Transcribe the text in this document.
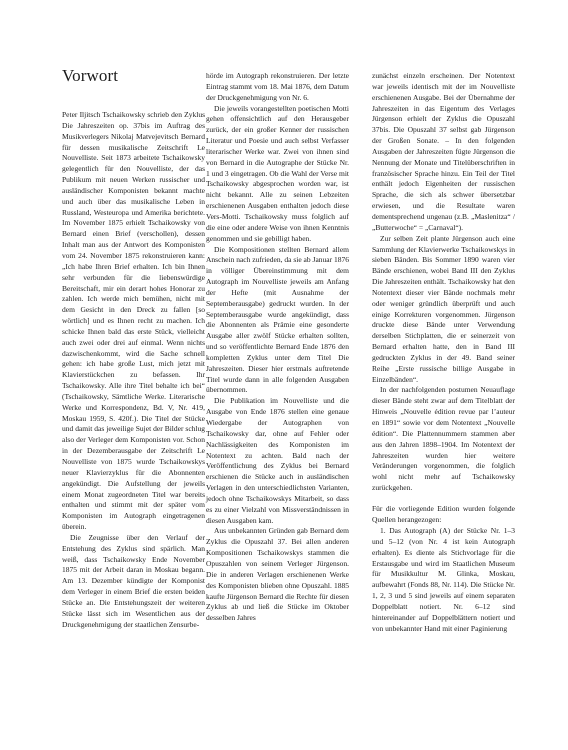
Vorwort

Peter Iljitsch Tschaikowsky schrieb den Zyklus Die Jahreszeiten op. 37bis im Auftrag des Musikverlegers Nikolaj Matvejevitsch Bernard für dessen musikalische Zeitschrift Le Nouvelliste. Seit 1873 arbeitete Tschaikowsky gelegentlich für den Nouvelliste, der das Publikum mit neuen Werken russischer und ausländischer Komponisten bekannt machte und auch über das musikalische Leben in Russland, Westeuropa und Amerika berichtete. Im November 1875 erhielt Tschaikowsky von Bernard einen Brief (verschollen), dessen Inhalt man aus der Antwort des Komponisten vom 24. November 1875 rekonstruieren kann: „Ich habe Ihren Brief erhalten. Ich bin Ihnen sehr verbunden für die liebenswürdige Bereitschaft, mir ein derart hohes Honorar zu zahlen. Ich werde mich bemühen, nicht mit dem Gesicht in den Dreck zu fallen [so wörtlich] und es Ihnen recht zu machen. Ich schicke Ihnen bald das erste Stück, vielleicht auch zwei oder drei auf einmal. Wenn nichts dazwischenkommt, wird die Sache schnell gehen: ich habe große Lust, mich jetzt mit Klavierstückchen zu befassen. Ihr Tschaikowsky. Alle ihre Titel behalte ich bei“ (Tschaikowsky, Sämtliche Werke. Literarische Werke und Korrespondenz, Bd. V, Nr. 419, Moskau 1959, S. 420f.). Die Titel der Stücke und damit das jeweilige Sujet der Bilder schlug also der Verleger dem Komponisten vor. Schon in der Dezemberausgabe der Zeitschrift Le Nouvelliste von 1875 wurde Tschaikowskys neuer Klavierzyklus für die Abonnenten angekündigt. Die Aufstellung der jeweils einem Monat zugeordneten Titel war bereits enthalten und stimmt mit der später vom Komponisten im Autograph eingetragenen überein.

Die Zeugnisse über den Verlauf der Entstehung des Zyklus sind spärlich. Man weiß, dass Tschaikowsky Ende November 1875 mit der Arbeit daran in Moskau begann. Am 13. Dezember kündigte der Komponist dem Verleger in einem Brief die ersten beiden Stücke an. Die Entstehungszeit der weiteren Stücke lässt sich im Wesentlichen aus der Druckgenehmigung der staatlichen Zensurbe-

hörde im Autograph rekonstruieren. Der letzte Eintrag stammt vom 18. Mai 1876, dem Datum der Druckgenehmigung von Nr. 6.

Die jeweils vorangestellten poetischen Motti gehen offensichtlich auf den Herausgeber zurück, der ein großer Kenner der russischen Literatur und Poesie und auch selbst Verfasser literarischer Werke war. Zwei von ihnen sind von Bernard in die Autographe der Stücke Nr. 1 und 3 eingetragen. Ob die Wahl der Verse mit Tschaikowsky abgesprochen worden war, ist nicht bekannt. Alle zu seinen Lebzeiten erschienenen Ausgaben enthalten jedoch diese Vers-Motti. Tschaikowsky muss folglich auf die eine oder andere Weise von ihnen Kenntnis genommen und sie gebilligt haben.

Die Kompositionen stellten Bernard allem Anschein nach zufrieden, da sie ab Januar 1876 in völliger Übereinstimmung mit dem Autograph im Nouvelliste jeweils am Anfang der Hefte (mit Ausnahme der Septemberausgabe) gedruckt wurden. In der Septemberausgabe wurde angekündigt, dass die Abonnenten als Prämie eine gesonderte Ausgabe aller zwölf Stücke erhalten sollten, und so veröffentlichte Bernard Ende 1876 den kompletten Zyklus unter dem Titel Die Jahreszeiten. Dieser hier erstmals auftretende Titel wurde dann in alle folgenden Ausgaben übernommen.

Die Publikation im Nouvelliste und die Ausgabe von Ende 1876 stellen eine genaue Wiedergabe der Autographen von Tschaikowsky dar, ohne auf Fehler oder Nachlässigkeiten des Komponisten im Notentext zu achten. Bald nach der Veröffentlichung des Zyklus bei Bernard erschienen die Stücke auch in ausländischen Verlagen in den unterschiedlichsten Varianten, jedoch ohne Tschaikowskys Mitarbeit, so dass es zu einer Vielzahl von Missverständnissen in diesen Ausgaben kam.

Aus unbekannten Gründen gab Bernard dem Zyklus die Opuszahl 37. Bei allen anderen Kompositionen Tschaikowskys stammen die Opuszahlen von seinem Verleger Jürgenson. Die in anderen Verlagen erschienenen Werke des Komponisten blieben ohne Opuszahl. 1885 kaufte Jürgenson Bernard die Rechte für diesen Zyklus ab und ließ die Stücke im Oktober desselben Jahres

zunächst einzeln erscheinen. Der Notentext war jeweils identisch mit der im Nouvelliste erschienenen Ausgabe. Bei der Übernahme der Jahreszeiten in das Eigentum des Verlages Jürgenson erhielt der Zyklus die Opuszahl 37bis. Die Opuszahl 37 selbst gab Jürgenson der Großen Sonate. – In den folgenden Ausgaben der Jahreszeiten fügte Jürgenson die Nennung der Monate und Titelüberschriften in französischer Sprache hinzu. Ein Teil der Titel enthält jedoch Eigenheiten der russischen Sprache, die sich als schwer übersetzbar erwiesen, und die Resultate waren dementsprechend ungenau (z.B. „Maslenitza“ / „Butterwoche“ = „Carnaval“).

Zur selben Zeit plante Jürgenson auch eine Sammlung der Klavierwerke Tschaikowskys in sieben Bänden. Bis Sommer 1890 waren vier Bände erschienen, wobei Band III den Zyklus Die Jahreszeiten enthält. Tschaikowsky hat den Notentext dieser vier Bände nochmals mehr oder weniger gründlich überprüft und auch einige Korrekturen vorgenommen. Jürgenson druckte diese Bände unter Verwendung derselben Stichplatten, die er seinerzeit von Bernard erhalten hatte, den in Band III gedruckten Zyklus in der 49. Band seiner Reihe „Erste russische billige Ausgabe in Einzelbänden“.

In der nachfolgenden postumen Neuauflage dieser Bände steht zwar auf dem Titelblatt der Hinweis „Nouvelle édition revue par l’auteur en 1891“ sowie vor dem Notentext „Nouvelle édition“. Die Plattennummern stammen aber aus den Jahren 1898–1904. Im Notentext der Jahreszeiten wurden hier weitere Veränderungen vorgenommen, die folglich wohl nicht mehr auf Tschaikowsky zurückgehen.

Für die vorliegende Edition wurden folgende Quellen herangezogen:

1. Das Autograph (A) der Stücke Nr. 1–3 und 5–12 (von Nr. 4 ist kein Autograph erhalten). Es diente als Stichvorlage für die Erstausgabe und wird im Staatlichen Museum für Musikkultur M. Glinka, Moskau, aufbewahrt (Fonds 88, Nr. 114). Die Stücke Nr. 1, 2, 3 und 5 sind jeweils auf einem separaten Doppelblatt notiert. Nr. 6–12 sind hintereinander auf Doppelblättern notiert und von unbekannter Hand mit einer Paginierung
